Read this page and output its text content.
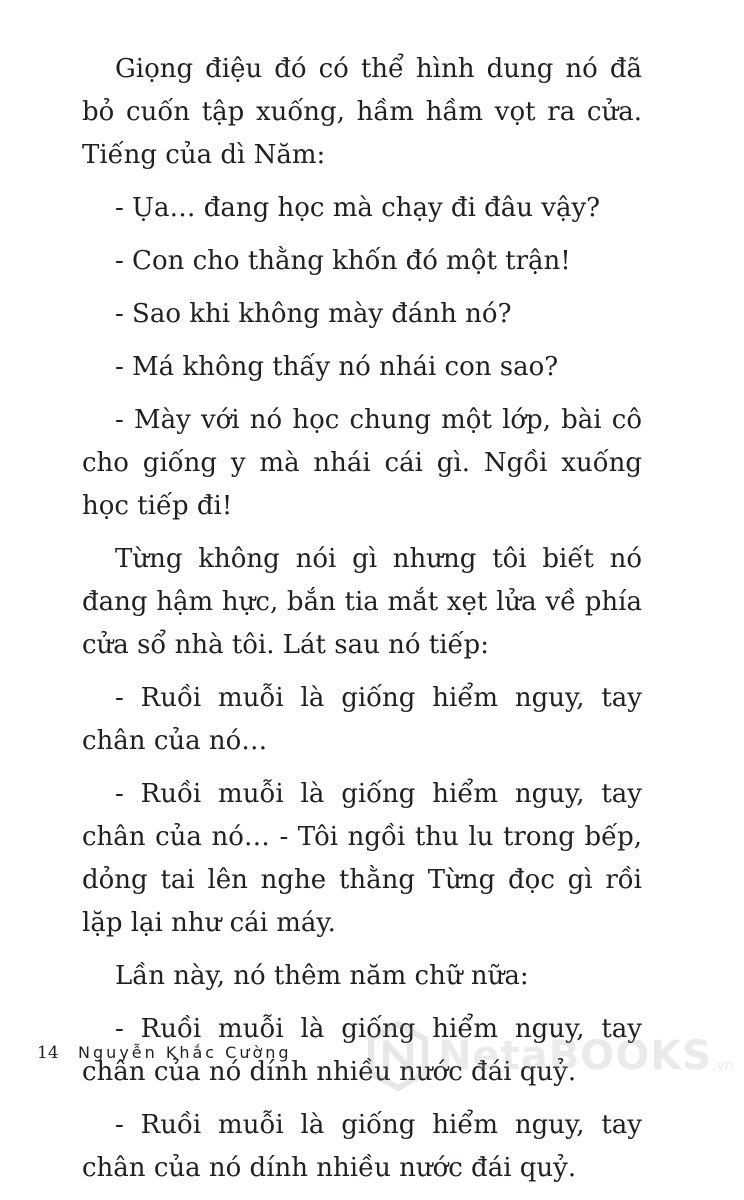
Giọng điệu đó có thể hình dung nó đã bỏ cuốn tập xuống, hầm hầm vọt ra cửa. Tiếng của dì Năm:

- Ụa… đang học mà chạy đi đâu vậy?

- Con cho thằng khốn đó một trận!

- Sao khi không mày đánh nó?

- Má không thấy nó nhái con sao?

- Mày với nó học chung một lớp, bài cô cho giống y mà nhái cái gì. Ngồi xuống học tiếp đi!

Từng không nói gì nhưng tôi biết nó đang hậm hực, bắn tia mắt xẹt lửa về phía cửa sổ nhà tôi. Lát sau nó tiếp:

- Ruồi muỗi là giống hiểm nguy, tay chân của nó…

- Ruồi muỗi là giống hiểm nguy, tay chân của nó… - Tôi ngồi thu lu trong bếp, dỏng tai lên nghe thằng Từng đọc gì rồi lặp lại như cái máy.

Lần này, nó thêm năm chữ nữa:

- Ruồi muỗi là giống hiểm nguy, tay chân của nó dính nhiều nước đái quỷ.

- Ruồi muỗi là giống hiểm nguy, tay chân của nó dính nhiều nước đái quỷ.

14 Nguyễn Khắc Cường	NetaBOOKS .vn
